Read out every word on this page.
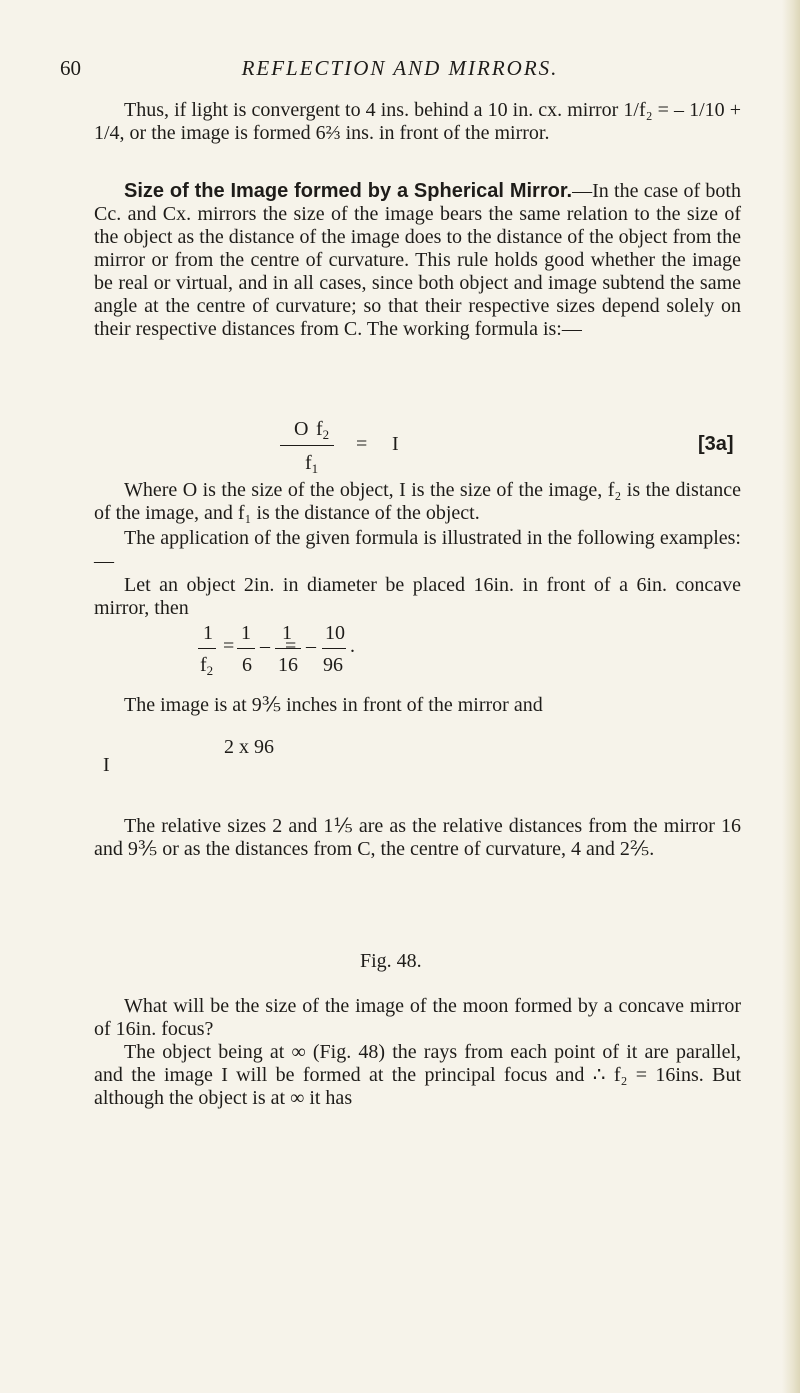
60	REFLECTION AND MIRRORS.
Thus, if light is convergent to 4 ins. behind a 10 in. cx. mirror 1/f₂ = – 1/10 + 1/4, or the image is formed 6⅔ ins. in front of the mirror.
Size of the Image formed by a Spherical Mirror.—In the case of both Cc. and Cx. mirrors the size of the image bears the same relation to the size of the object as the distance of the image does to the distance of the object from the mirror or from the centre of curvature. This rule holds good whether the image be real or virtual, and in all cases, since both object and image subtend the same angle at the centre of curvature; so that their respective sizes depend solely on their respective distances from C. The working formula is:—
O $f_2 = I$
$f_1$
[3a]
Where O is the size of the object, I is the size of the image, f₂ is the distance of the image, and f₁ is the distance of the object.
The application of the given formula is illustrated in the following examples:—
Let an object 2in. in diameter be placed 16in. in front of a 6in. concave mirror, then
1 1 1 10
= – –
=	.
$f_2$ 6 16 96
The image is at 9⅗ inches in front of the mirror and
2 x 96
I
The relative sizes 2 and 1⅕ are as the relative distances from the mirror 16 and 9⅗ or as the distances from C, the centre of curvature, 4 and 2⅖.
Fig. 48.
What will be the size of the image of the moon formed by a concave mirror of 16in. focus?
The object being at ∞ (Fig. 48) the rays from each point of it are parallel, and the image I will be formed at the principal focus and ∴ f₂ = 16ins. But although the object is at ∞ it has
